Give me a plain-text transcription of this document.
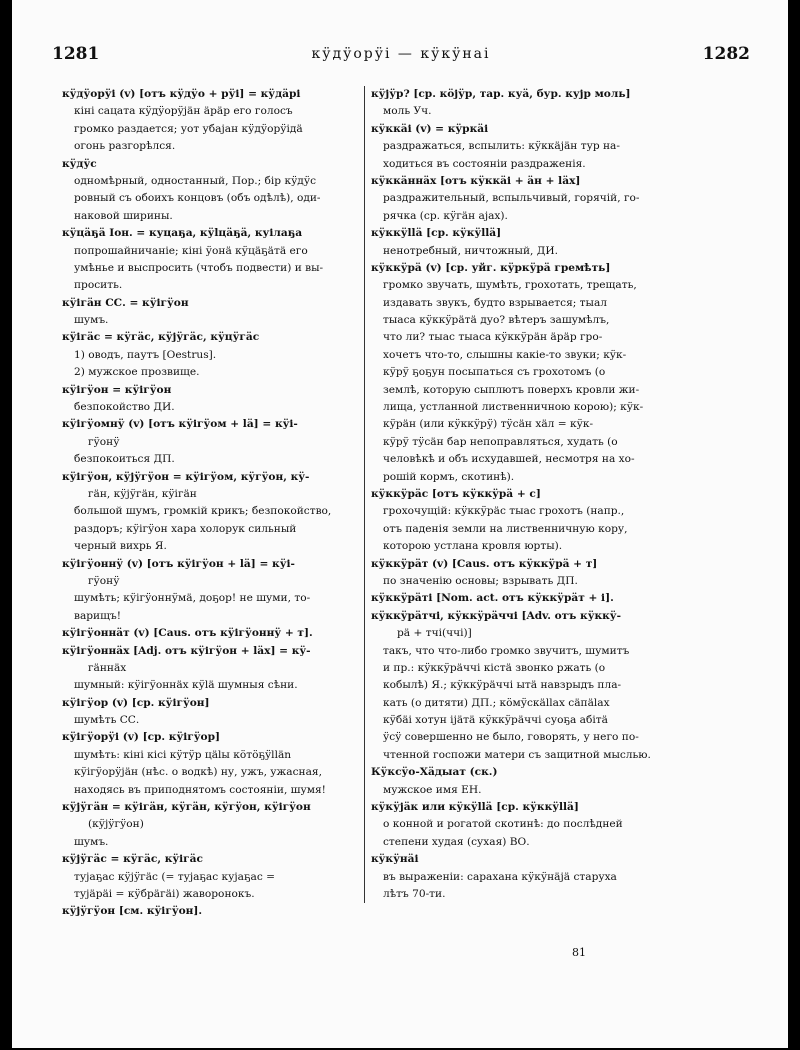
1281	кӱдӱорӱі — кӱкӱнаі	1282
кӱдӱорӱі (v) [отъ кӱдӱо + рӱі] = кӱдäрі
кіні сацата кӱдӱорӱјäн äрäр его голосъ
громко раздается; уот убајан кӱдӱорӱідä
огонь разгорѣлся.
кӱдӱс
одномѣрный, одностанный, Пор.; бір кӱдӱс
ровный съ обоихъ концовъ (объ одѣлѣ), оди-
наковой ширины.
кӱцäҕä Іон. = куцаҕа, кӱlцäҕä, куілаҕа
попрошайничаніе; кіні ӱонä кӱцäҕäтä его
умѣнье и выспросить (чтобъ подвести) и вы-
просить.
кӱігäн СС. = кӱігӱон
шумъ.
кӱігäс = кӱгäс, кӱјӱгäс, кӱцӱгäс
1) оводъ, паутъ [Oestrus].
2) мужское прозвище.
кӱігӱон = кӱігӱон
безпокойство ДИ.
кӱігӱомнӱ (v) [отъ кӱігӱом + lä] = кӱі-
гӱонӱ
безпокоиться ДП.
кӱігӱон, кӱјӱгӱон = кӱігӱом, кӱгӱон, кӱ-
гäн, кӱјӱгäн, кӱігäн
большой шумъ, громкій крикъ; безпокойство,
раздоръ; кӱігӱон хара холорук сильный
черный вихрь Я.
кӱігӱоннӱ (v) [отъ кӱігӱон + lä] = кӱі-
гӱонӱ
шумѣть; кӱігӱоннӱмä, доҕор! не шуми, то-
варищъ!
кӱігӱоннäт (v) [Caus. отъ кӱігӱоннӱ + т].
кӱігӱоннäх [Adj. отъ кӱігӱон + läх] = кӱ-
гäннäх
шумный: кӱігӱоннäх кӱlä шумныя сѣни.
кӱігӱор (v) [ср. кӱігӱон]
шумѣть СС.
кӱігӱорӱі (v) [ср. кӱігӱор]
шумѣть: кіні кісі кӱтӱр цälы кӧтӧҕӱllän
кӱігӱорӱјäн (нѣс. о водкѣ) ну, ужъ, ужасная,
находясь въ приподнятомъ состояніи, шумя!
кӱјӱгäн = кӱігäн, кӱгäн, кӱгӱон, кӱігӱон
(кӱјӱгӱон)
шумъ.
кӱјӱгäс = кӱгäс, кӱігäс
тујаҕас кӱјӱгäс (= тујаҕас кујаҕас =
тујäрäі = кӱбрäгäі) жаворонокъ.
кӱјӱгӱон [см. кӱігӱон].
кӱјӱр? [ср. кӧјӱр, тар. куä, бур. кујр моль]
моль Уч.
кӱккäі (v) = кӱркäі
раздражаться, вспылить: кӱккäјäн тур на-
ходиться въ состояніи раздраженія.
кӱккäннäх [отъ кӱккäі + äн + läх]
раздражительный, вспыльчивый, горячій, го-
рячка (ср. кӱгäн ајах).
кӱккӱllä [ср. кӱкӱllä]
ненотребный, ничтожный, ДИ.
кӱккӱрä (v) [ср. уйг. кӱркӱрä гремѣть]
громко звучать, шумѣть, грохотать, трещать,
издавать звукъ, будто взрывается; тыал
тыаса кӱккӱрäтä дуо? вѣтеръ зашумѣлъ,
что ли? тыас тыаса кӱккӱрäн äрäр гро-
хочетъ что-то, слышны какіе-то звуки; кӱк-
кӱрӱ ҕоҕун посыпаться съ грохотомъ (о
землѣ, которую сыплютъ поверхъ кровли жи-
лища, устланной лиственничною корою); кӱк-
кӱрäн (или кӱккӱрӱ) тӱсäн хäл = кӱк-
кӱрӱ тӱсäн бар непоправляться, худать (о
человѣкѣ и объ исхудавшей, несмотря на хо-
рошій кормъ, скотинѣ).
кӱккӱрäс [отъ кӱккӱрä + с]
грохочущій: кӱккӱрäс тыас грохотъ (напр.,
отъ паденія земли на лиственничную кору,
которою устлана кровля юрты).
кӱккӱрäт (v) [Caus. отъ кӱккӱрä + т]
по значенію основы; взрывать ДП.
кӱккӱрäті [Nom. act. отъ кӱккӱрäт + і].
кӱккӱрäтчі, кӱккӱрäччі [Adv. отъ кӱккӱ-
рä + тчі(ччі)]
такъ, что что-либо громко звучитъ, шумитъ
и пр.: кӱккӱрäччі кістä звонко ржать (о
кобылѣ) Я.; кӱккӱрäччі ытä навзрыдъ пла-
кать (о дитяти) ДП.; кӧмӱскällах сäпälах
кӱбäі хотун іјäтä кӱккӱрäччі суоҕа абітä
ӱсӱ совершенно не было, говорять, у него по-
чтенной госпожи матери съ защитной мыслью.
Кӱксӱо-Хäдыат (ск.)
мужское имя ЕН.
кӱкӱјäк или кӱкӱllä [ср. кӱккӱllä]
о конной и рогатой скотинѣ: до послѣдней
степени худая (сухая) ВО.
кӱкӱнäі
въ выраженіи: сарахана кӱкӱнäјä старуха
лѣтъ 70-ти.
81
